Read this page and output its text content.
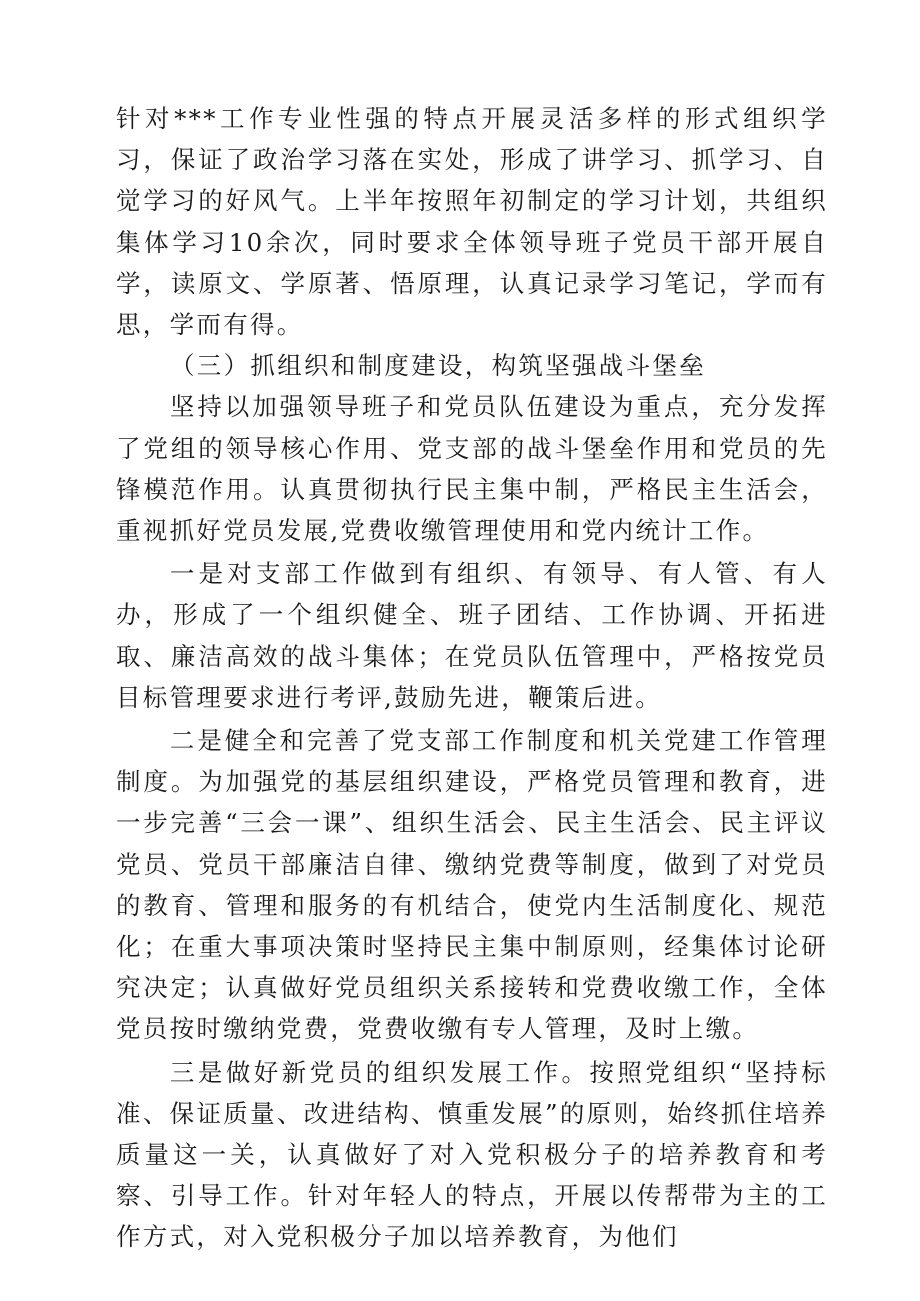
针对***工作专业性强的特点开展灵活多样的形式组织学习，保证了政治学习落在实处，形成了讲学习、抓学习、自觉学习的好风气。上半年按照年初制定的学习计划，共组织集体学习10余次，同时要求全体领导班子党员干部开展自学，读原文、学原著、悟原理，认真记录学习笔记，学而有思，学而有得。

（三）抓组织和制度建设，构筑坚强战斗堡垒

坚持以加强领导班子和党员队伍建设为重点，充分发挥了党组的领导核心作用、党支部的战斗堡垒作用和党员的先锋模范作用。认真贯彻执行民主集中制，严格民主生活会，重视抓好党员发展,党费收缴管理使用和党内统计工作。

一是对支部工作做到有组织、有领导、有人管、有人办，形成了一个组织健全、班子团结、工作协调、开拓进取、廉洁高效的战斗集体；在党员队伍管理中，严格按党员目标管理要求进行考评,鼓励先进，鞭策后进。

二是健全和完善了党支部工作制度和机关党建工作管理制度。为加强党的基层组织建设，严格党员管理和教育，进一步完善“三会一课”、组织生活会、民主生活会、民主评议党员、党员干部廉洁自律、缴纳党费等制度，做到了对党员的教育、管理和服务的有机结合，使党内生活制度化、规范化；在重大事项决策时坚持民主集中制原则，经集体讨论研究决定；认真做好党员组织关系接转和党费收缴工作，全体党员按时缴纳党费，党费收缴有专人管理，及时上缴。

三是做好新党员的组织发展工作。按照党组织“坚持标准、保证质量、改进结构、慎重发展”的原则，始终抓住培养质量这一关，认真做好了对入党积极分子的培养教育和考察、引导工作。针对年轻人的特点，开展以传帮带为主的工作方式，对入党积极分子加以培养教育，为他们
